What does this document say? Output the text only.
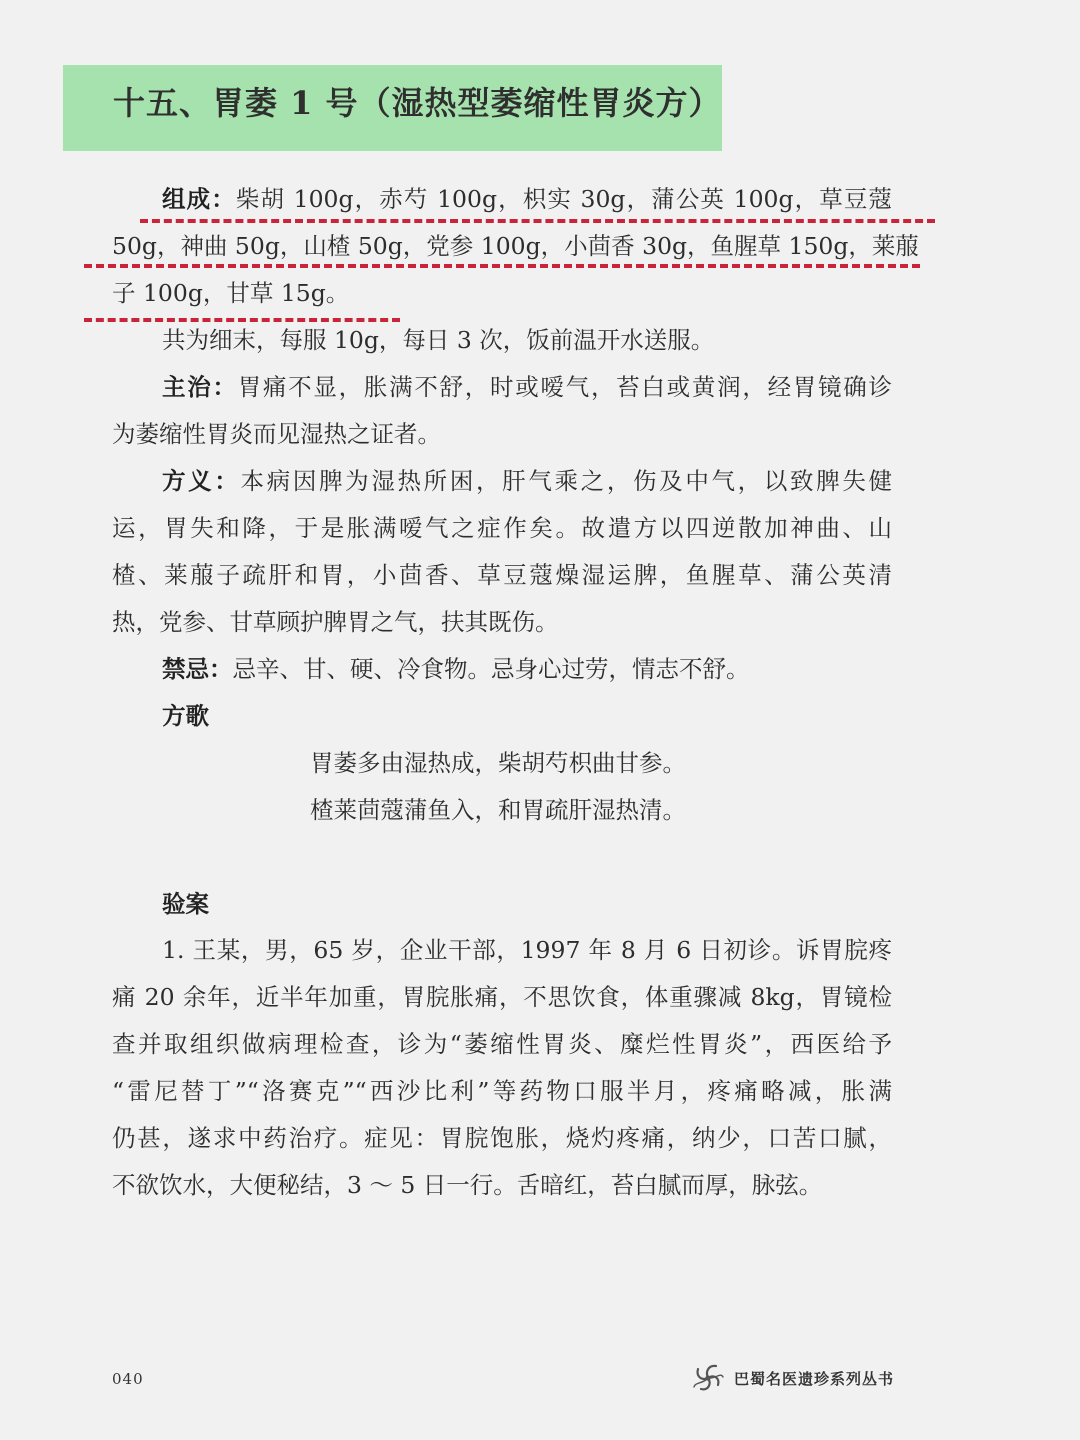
十五、胃萎 1 号（湿热型萎缩性胃炎方）
组成：柴胡 100g，赤芍 100g，枳实 30g，蒲公英 100g，草豆蔻
50g，神曲 50g，山楂 50g，党参 100g，小茴香 30g，鱼腥草 150g，莱菔
子 100g，甘草 15g。
共为细末，每服 10g，每日 3 次，饭前温开水送服。
主治：胃痛不显，胀满不舒，时或嗳气，苔白或黄润，经胃镜确诊
为萎缩性胃炎而见湿热之证者。
方义：本病因脾为湿热所困，肝气乘之，伤及中气，以致脾失健
运，胃失和降，于是胀满嗳气之症作矣。故遣方以四逆散加神曲、山
楂、莱菔子疏肝和胃，小茴香、草豆蔻燥湿运脾，鱼腥草、蒲公英清
热，党参、甘草顾护脾胃之气，扶其既伤。
禁忌：忌辛、甘、硬、冷食物。忌身心过劳，情志不舒。
方歌
胃萎多由湿热成，柴胡芍枳曲甘参。
楂莱茴蔻蒲鱼入，和胃疏肝湿热清。
验案
1. 王某，男，65 岁，企业干部，1997 年 8 月 6 日初诊。诉胃脘疼
痛 20 余年，近半年加重，胃脘胀痛，不思饮食，体重骤减 8kg，胃镜检
查并取组织做病理检查，诊为“萎缩性胃炎、糜烂性胃炎”，西医给予
“雷尼替丁”“洛赛克”“西沙比利”等药物口服半月，疼痛略减，胀满
仍甚，遂求中药治疗。症见：胃脘饱胀，烧灼疼痛，纳少，口苦口腻，
不欲饮水，大便秘结，3 ～ 5 日一行。舌暗红，苔白腻而厚，脉弦。
040	巴蜀名医遗珍系列丛书
